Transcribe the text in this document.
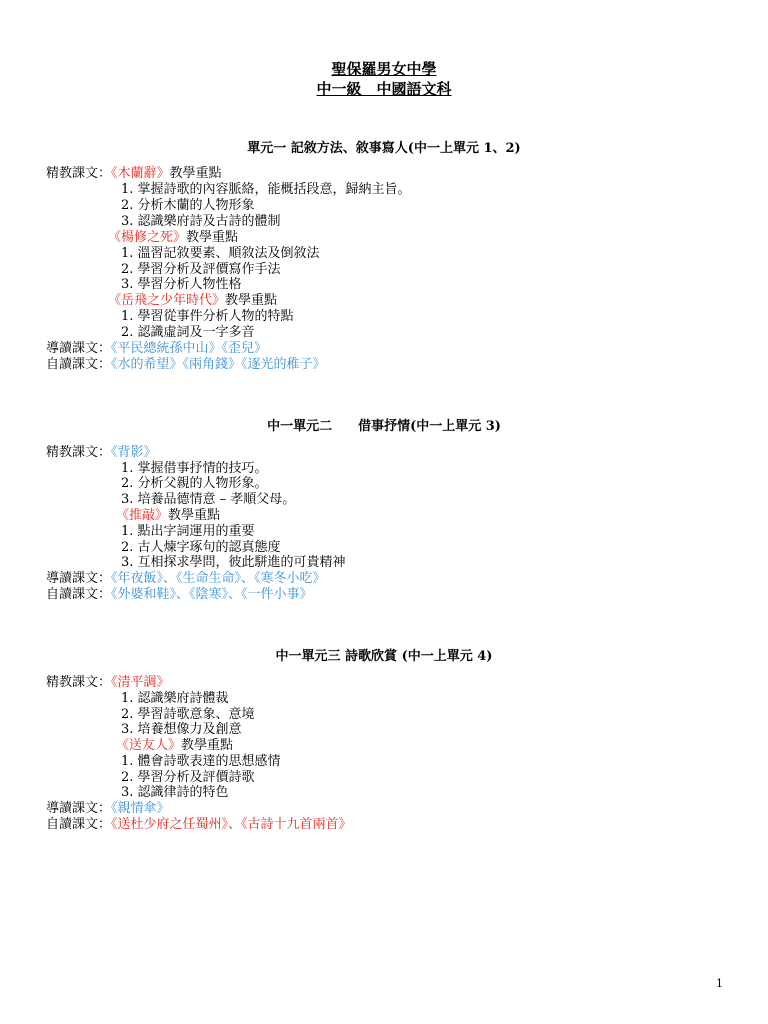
聖保羅男女中學
中一級　中國語文科
單元一 記敘方法、敘事寫人(中一上單元 1、2)
精教課文：《木蘭辭》教學重點
1. 掌握詩歌的內容脈絡，能概括段意，歸納主旨。
2. 分析木蘭的人物形象
3. 認識樂府詩及古詩的體制
《楊修之死》教學重點
1. 溫習記敘要素、順敘法及倒敘法
2. 學習分析及評價寫作手法
3. 學習分析人物性格
《岳飛之少年時代》教學重點
1. 學習從事件分析人物的特點
2. 認識虛詞及一字多音
導讀課文：《平民總統孫中山》《歪兒》
自讀課文：《水的希望》《兩角錢》《逐光的稚子》
中一單元二　　借事抒情(中一上單元 3)
精教課文：《背影》
1. 掌握借事抒情的技巧。
2. 分析父親的人物形象。
3. 培養品德情意 – 孝順父母。
《推敲》教學重點
1. 點出字詞運用的重要
2. 古人煉字琢句的認真態度
3. 互相探求學問，彼此駢進的可貴精神
導讀課文：《年夜飯》、《生命生命》、《寒冬小吃》
自讀課文：《外婆和鞋》、《陰寒》、《一件小事》
中一單元三 詩歌欣賞 (中一上單元 4)
精教課文：《清平調》
1. 認識樂府詩體裁
2. 學習詩歌意象、意境
3. 培養想像力及創意
《送友人》教學重點
1. 體會詩歌表達的思想感情
2. 學習分析及評價詩歌
3. 認識律詩的特色
導讀課文：《親情傘》
自讀課文：《送杜少府之任蜀州》、《古詩十九首兩首》
1
